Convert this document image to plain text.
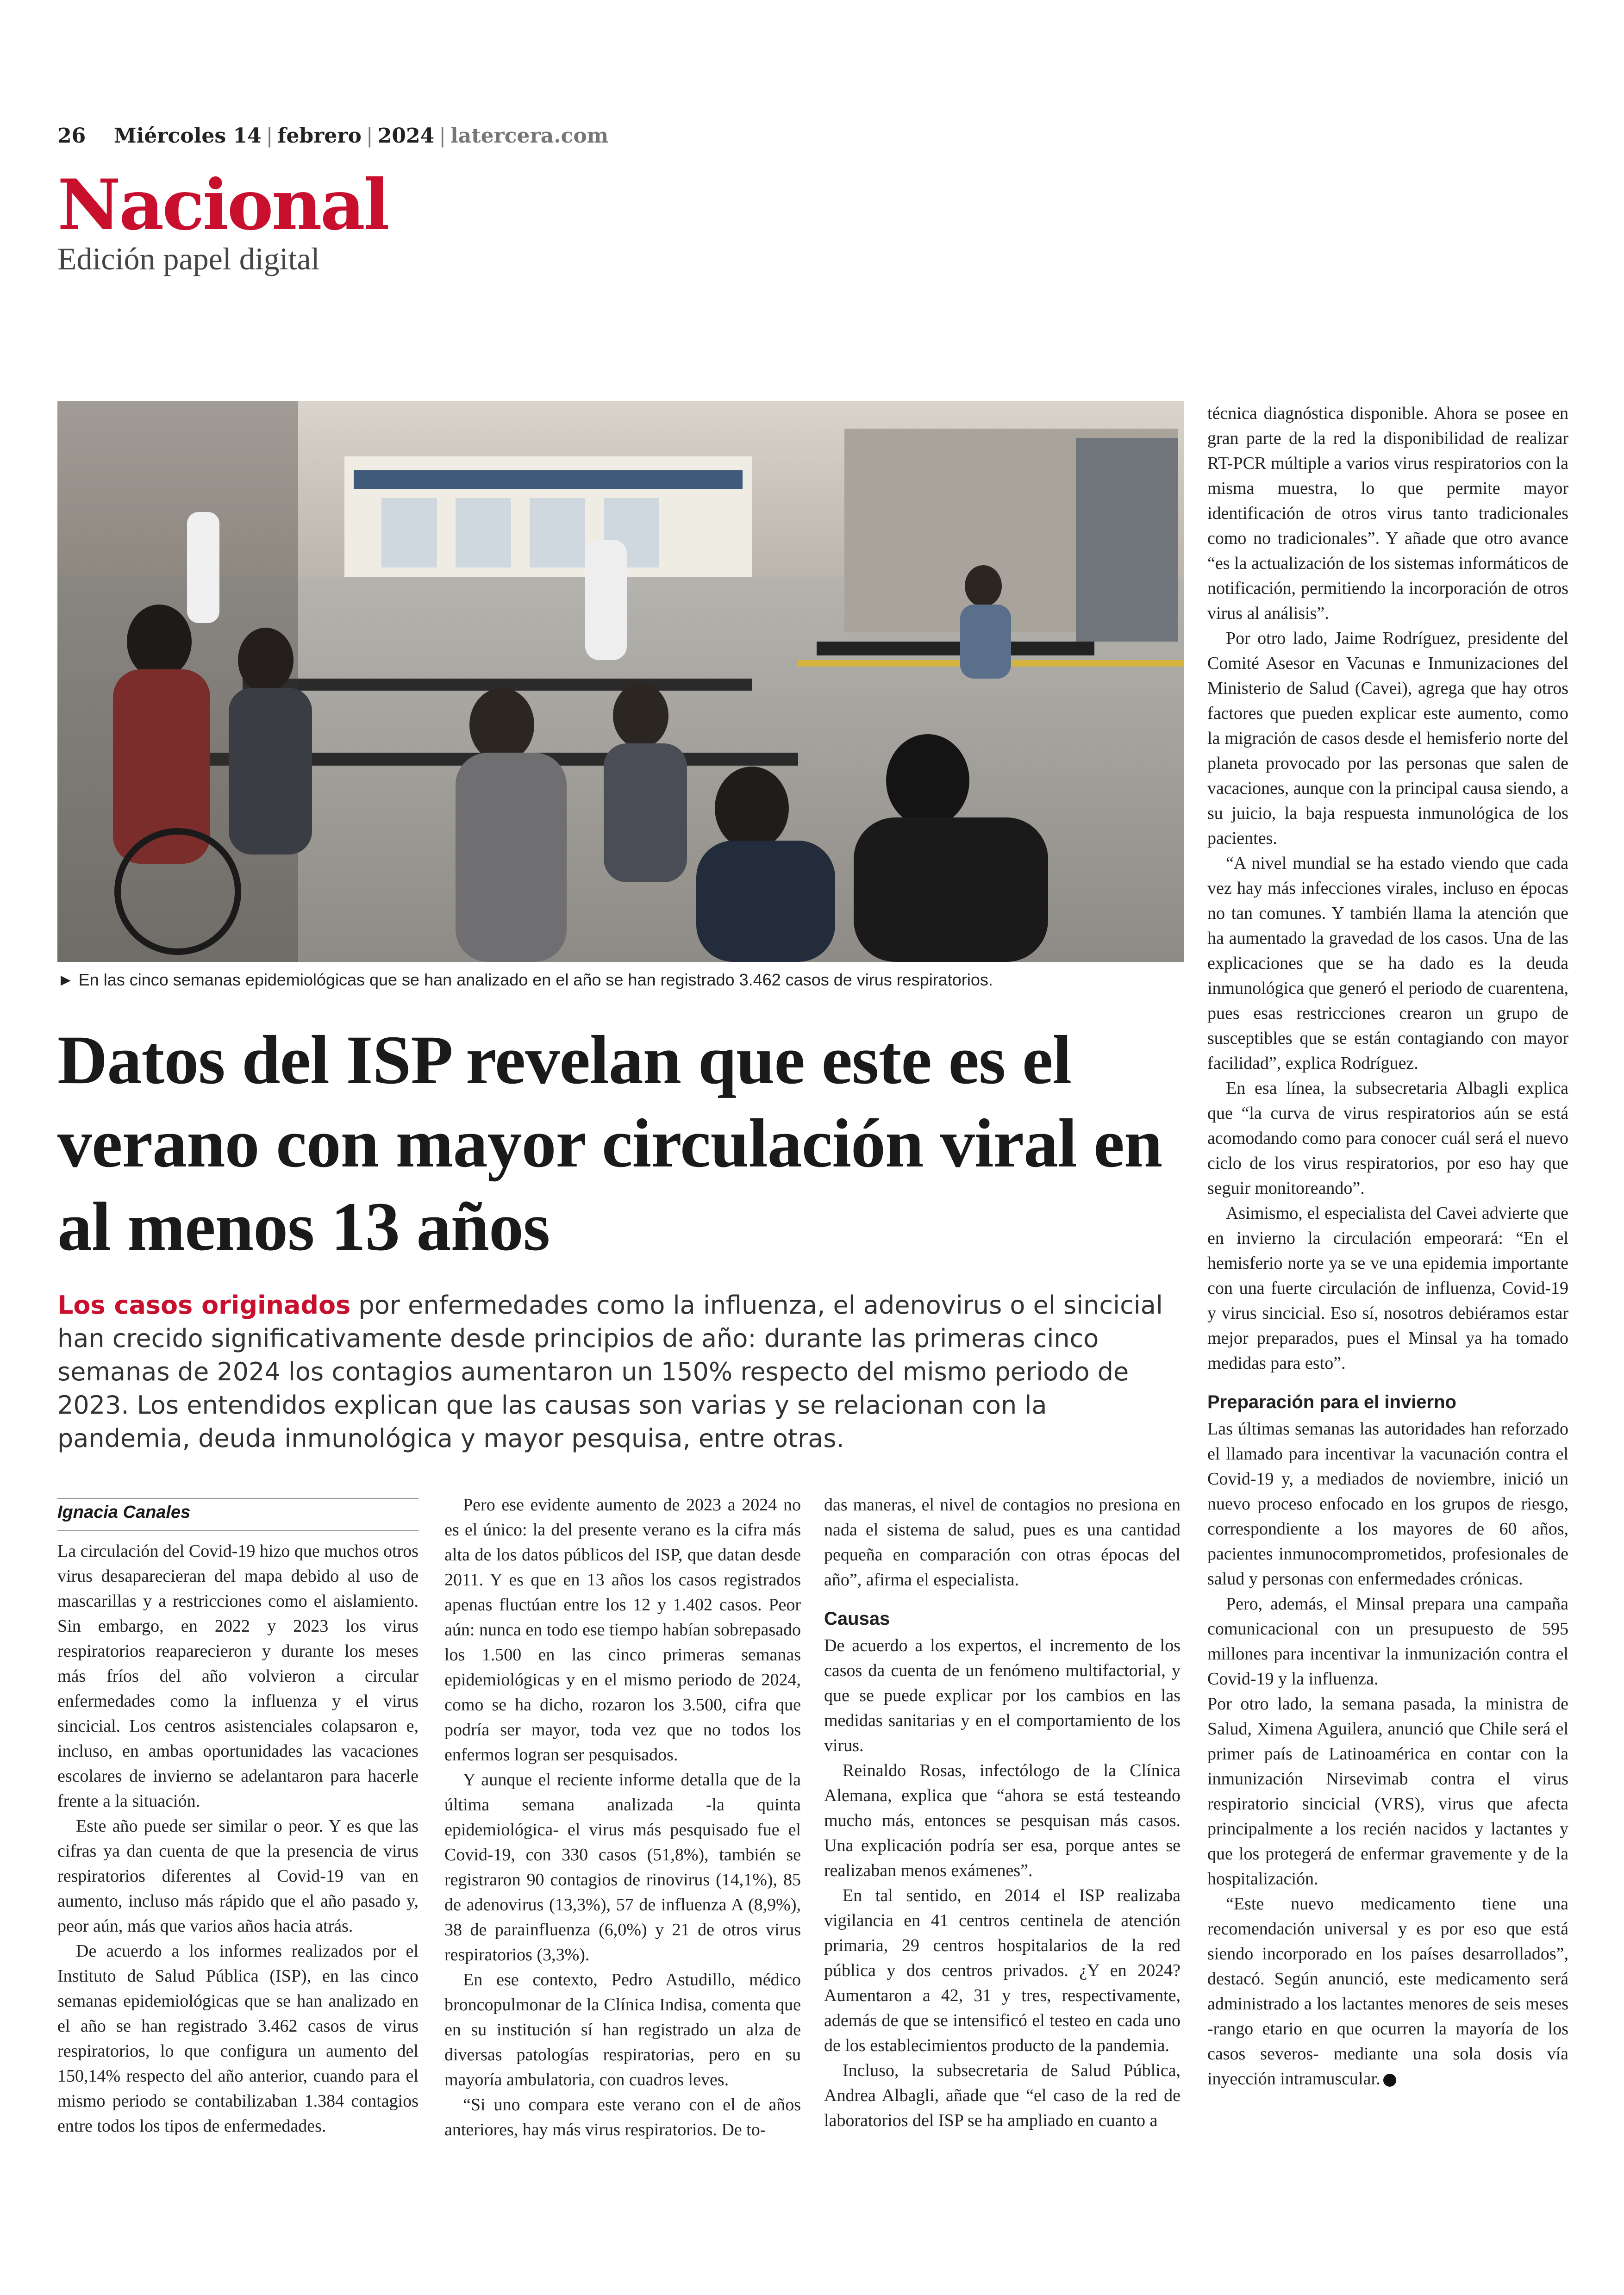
26 Miércoles 14 | febrero | 2024 | latercera.com
Nacional
Edición papel digital
► En las cinco semanas epidemiológicas que se han analizado en el año se han registrado 3.462 casos de virus respiratorios.
Datos del ISP revelan que este es el verano con mayor circulación viral en al menos 13 años
Los casos originados por enfermedades como la influenza, el adenovirus o el sincicial han crecido significativamente desde principios de año: durante las primeras cinco semanas de 2024 los contagios aumentaron un 150% respecto del mismo periodo de 2023. Los entendidos explican que las causas son varias y se relacionan con la pandemia, deuda inmunológica y mayor pesquisa, entre otras.
Ignacia Canales

La circulación del Covid-19 hizo que muchos otros virus desaparecieran del mapa debido al uso de mascarillas y a restricciones como el aislamiento. Sin embargo, en 2022 y 2023 los virus respiratorios reaparecieron y durante los meses más fríos del año volvieron a circular enfermedades como la influenza y el virus sincicial. Los centros asistenciales colapsaron e, incluso, en ambas oportunidades las vacaciones escolares de invierno se adelantaron para hacerle frente a la situación.

Este año puede ser similar o peor. Y es que las cifras ya dan cuenta de que la presencia de virus respiratorios diferentes al Covid-19 van en aumento, incluso más rápido que el año pasado y, peor aún, más que varios años hacia atrás.

De acuerdo a los informes realizados por el Instituto de Salud Pública (ISP), en las cinco semanas epidemiológicas que se han analizado en el año se han registrado 3.462 casos de virus respiratorios, lo que configura un aumento del 150,14% respecto del año anterior, cuando para el mismo periodo se contabilizaban 1.384 contagios entre todos los tipos de enfermedades.

Pero ese evidente aumento de 2023 a 2024 no es el único: la del presente verano es la cifra más alta de los datos públicos del ISP, que datan desde 2011. Y es que en 13 años los casos registrados apenas fluctúan entre los 12 y 1.402 casos. Peor aún: nunca en todo ese tiempo habían sobrepasado los 1.500 en las cinco primeras semanas epidemiológicas y en el mismo periodo de 2024, como se ha dicho, rozaron los 3.500, cifra que podría ser mayor, toda vez que no todos los enfermos logran ser pesquisados.

Y aunque el reciente informe detalla que de la última semana analizada -la quinta epidemiológica- el virus más pesquisado fue el Covid-19, con 330 casos (51,8%), también se registraron 90 contagios de rinovirus (14,1%), 85 de adenovirus (13,3%), 57 de influenza A (8,9%), 38 de parainfluenza (6,0%) y 21 de otros virus respiratorios (3,3%).

En ese contexto, Pedro Astudillo, médico broncopulmonar de la Clínica Indisa, comenta que en su institución sí han registrado un alza de diversas patologías respiratorias, pero en su mayoría ambulatoria, con cuadros leves.

“Si uno compara este verano con el de años anteriores, hay más virus respiratorios. De to-

das maneras, el nivel de contagios no presiona en nada el sistema de salud, pues es una cantidad pequeña en comparación con otras épocas del año”, afirma el especialista.

Causas

De acuerdo a los expertos, el incremento de los casos da cuenta de un fenómeno multifactorial, y que se puede explicar por los cambios en las medidas sanitarias y en el comportamiento de los virus.

Reinaldo Rosas, infectólogo de la Clínica Alemana, explica que “ahora se está testeando mucho más, entonces se pesquisan más casos. Una explicación podría ser esa, porque antes se realizaban menos exámenes”.

En tal sentido, en 2014 el ISP realizaba vigilancia en 41 centros centinela de atención primaria, 29 centros hospitalarios de la red pública y dos centros privados. ¿Y en 2024? Aumentaron a 42, 31 y tres, respectivamente, además de que se intensificó el testeo en cada uno de los establecimientos producto de la pandemia.

Incluso, la subsecretaria de Salud Pública, Andrea Albagli, añade que “el caso de la red de laboratorios del ISP se ha ampliado en cuanto a

técnica diagnóstica disponible. Ahora se posee en gran parte de la red la disponibilidad de realizar RT-PCR múltiple a varios virus respiratorios con la misma muestra, lo que permite mayor identificación de otros virus tanto tradicionales como no tradicionales”. Y añade que otro avance “es la actualización de los sistemas informáticos de notificación, permitiendo la incorporación de otros virus al análisis”.

Por otro lado, Jaime Rodríguez, presidente del Comité Asesor en Vacunas e Inmunizaciones del Ministerio de Salud (Cavei), agrega que hay otros factores que pueden explicar este aumento, como la migración de casos desde el hemisferio norte del planeta provocado por las personas que salen de vacaciones, aunque con la principal causa siendo, a su juicio, la baja respuesta inmunológica de los pacientes.

“A nivel mundial se ha estado viendo que cada vez hay más infecciones virales, incluso en épocas no tan comunes. Y también llama la atención que ha aumentado la gravedad de los casos. Una de las explicaciones que se ha dado es la deuda inmunológica que generó el periodo de cuarentena, pues esas restricciones crearon un grupo de susceptibles que se están contagiando con mayor facilidad”, explica Rodríguez.

En esa línea, la subsecretaria Albagli explica que “la curva de virus respiratorios aún se está acomodando como para conocer cuál será el nuevo ciclo de los virus respiratorios, por eso hay que seguir monitoreando”.

Asimismo, el especialista del Cavei advierte que en invierno la circulación empeorará: “En el hemisferio norte ya se ve una epidemia importante con una fuerte circulación de influenza, Covid-19 y virus sincicial. Eso sí, nosotros debiéramos estar mejor preparados, pues el Minsal ya ha tomado medidas para esto”.

Preparación para el invierno

Las últimas semanas las autoridades han reforzado el llamado para incentivar la vacunación contra el Covid-19 y, a mediados de noviembre, inició un nuevo proceso enfocado en los grupos de riesgo, correspondiente a los mayores de 60 años, pacientes inmunocomprometidos, profesionales de salud y personas con enfermedades crónicas.

Pero, además, el Minsal prepara una campaña comunicacional con un presupuesto de 595 millones para incentivar la inmunización contra el Covid-19 y la influenza.

Por otro lado, la semana pasada, la ministra de Salud, Ximena Aguilera, anunció que Chile será el primer país de Latinoamérica en contar con la inmunización Nirsevimab contra el virus respiratorio sincicial (VRS), virus que afecta principalmente a los recién nacidos y lactantes y que los protegerá de enfermar gravemente y de la hospitalización.

“Este nuevo medicamento tiene una recomendación universal y es por eso que está siendo incorporado en los países desarrollados”, destacó. Según anunció, este medicamento será administrado a los lactantes menores de seis meses -rango etario en que ocurren la mayoría de los casos severos- mediante una sola dosis vía inyección intramuscular.
